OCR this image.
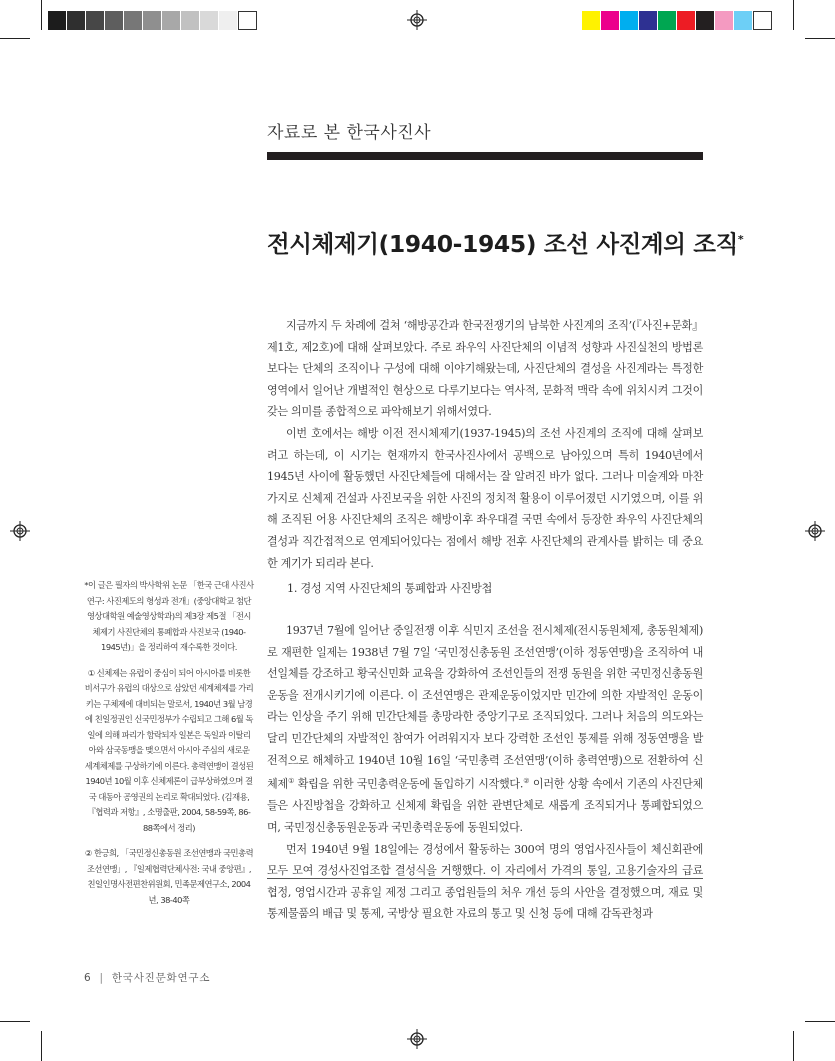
자료로 본 한국사진사
전시체제기(1940-1945) 조선 사진계의 조직*

지금까지 두 차례에 걸쳐 ‘해방공간과 한국전쟁기의 남북한 사진계의 조직’(『사진+문화』 제1호, 제2호)에 대해 살펴보았다. 주로 좌우익 사진단체의 이념적 성향과 사진실천의 방법론보다는 단체의 조직이나 구성에 대해 이야기해왔는데, 사진단체의 결성을 사진계라는 특정한 영역에서 일어난 개별적인 현상으로 다루기보다는 역사적, 문화적 맥락 속에 위치시켜 그것이 갖는 의미를 종합적으로 파악해보기 위해서였다.

이번 호에서는 해방 이전 전시체제기(1937-1945)의 조선 사진계의 조직에 대해 살펴보려고 하는데, 이 시기는 현재까지 한국사진사에서 공백으로 남아있으며 특히 1940년에서 1945년 사이에 활동했던 사진단체들에 대해서는 잘 알려진 바가 없다. 그러나 미술계와 마찬가지로 신체제 건설과 사진보국을 위한 사진의 정치적 활용이 이루어졌던 시기였으며, 이를 위해 조직된 어용 사진단체의 조직은 해방이후 좌우대결 국면 속에서 등장한 좌우익 사진단체의 결성과 직간접적으로 연계되어있다는 점에서 해방 전후 사진단체의 관계사를 밝히는 데 중요한 계기가 되리라 본다.

1. 경성 지역 사진단체의 통폐합과 사진방첩

1937년 7월에 일어난 중일전쟁 이후 식민지 조선을 전시체제(전시동원체제, 총동원체제)로 재편한 일제는 1938년 7월 7일 ‘국민정신총동원 조선연맹’(이하 정동연맹)을 조직하여 내선일체를 강조하고 황국신민화 교육을 강화하여 조선인들의 전쟁 동원을 위한 국민정신총동원운동을 전개시키기에 이른다. 이 조선연맹은 관제운동이었지만 민간에 의한 자발적인 운동이라는 인상을 주기 위해 민간단체를 총망라한 중앙기구로 조직되었다. 그러나 처음의 의도와는 달리 민간단체의 자발적인 참여가 어려워지자 보다 강력한 조선인 통제를 위해 정동연맹을 발전적으로 해체하고 1940년 10월 16일 ‘국민총력 조선연맹’(이하 총력연맹)으로 전환하여 신체제① 확립을 위한 국민총력운동에 돌입하기 시작했다.② 이러한 상황 속에서 기존의 사진단체들은 사진방첩을 강화하고 신체제 확립을 위한 관변단체로 새롭게 조직되거나 통폐합되었으며, 국민정신총동원운동과 국민총력운동에 동원되었다.

먼저 1940년 9월 18일에는 경성에서 활동하는 300여 명의 영업사진사들이 체신회관에 모두 모여 경성사진업조합 결성식을 거행했다. 이 자리에서 가격의 통일, 고용기술자의 급료 협정, 영업시간과 공휴일 제정 그리고 종업원들의 처우 개선 등의 사안을 결정했으며, 재료 및 통제물품의 배급 및 통제, 국방상 필요한 자료의 통고 및 신청 등에 대해 감독관청과

*이 글은 필자의 박사학위 논문 「한국 근대 사진사 연구: 사진제도의 형성과 전개」(중앙대학교 첨단영상대학원 예술영상학과)의 제3장 제5절 「전시체제기 사진단체의 통폐합과 사진보국 (1940-1945년)」을 정리하여 재수록한 것이다.

① 신체제는 유럽이 중심이 되어 아시아를 비롯한 비서구가 유럽의 대상으로 삼았던 세계체제를 가리키는 구체제에 대비되는 말로서, 1940년 3월 남경에 친일정권인 신국민정부가 수립되고 그해 6월 독일에 의해 파리가 함락되자 일본은 독일과 이탈리아와 삼국동맹을 맺으면서 아시아 주심의 새로운 세계체제를 구상하기에 이른다. 총력연맹이 결성된 1940년 10월 이후 신체제론이 급부상하였으며 결국 대동아 공영권의 논리로 확대되었다. (김재용, 『협력과 저항』, 소명출판, 2004, 58-59쪽, 86-88쪽에서 정리)

② 한긍희, 「국민정신총동원 조선연맹과 국민총력 조선연맹」, 『일제협력단체사전: 국내 중앙편』, 친일인명사전편찬위원회, 민족문제연구소, 2004년, 38-40쪽

6 | 한국사진문화연구소
